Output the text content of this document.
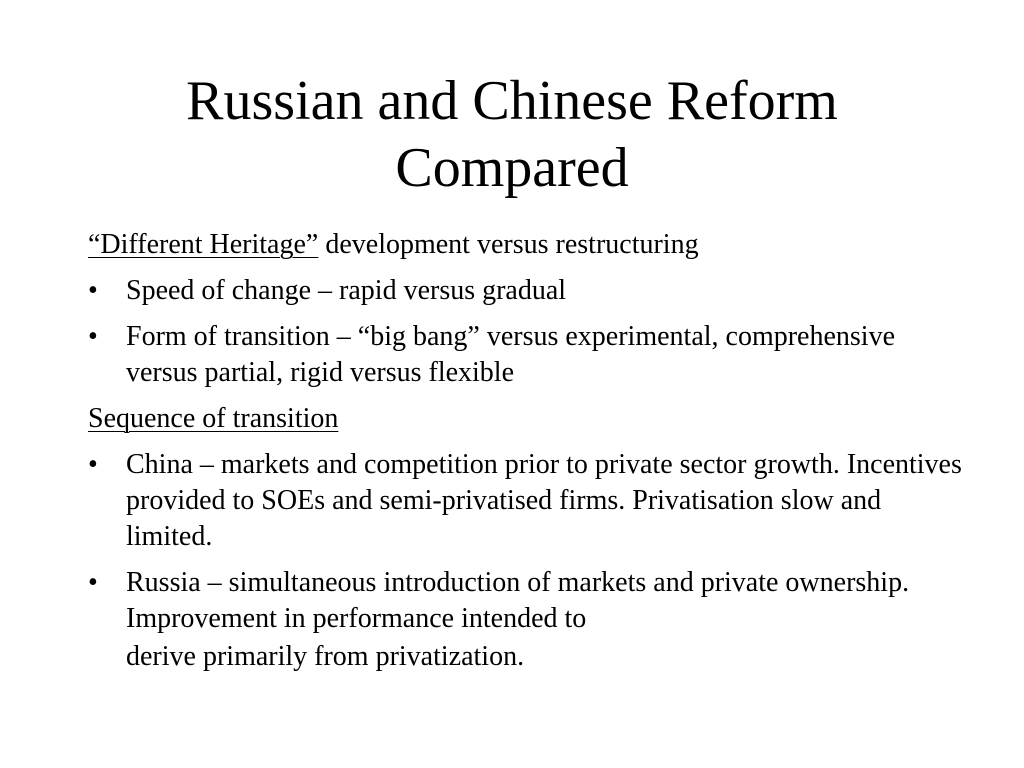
Russian and Chinese Reform
Compared

“Different Heritage” development versus restructuring

• Speed of change – rapid versus gradual
• Form of transition – “big bang” versus experimental, comprehensive versus partial, rigid versus flexible

Sequence of transition

• China – markets and competition prior to private sector growth. Incentives provided to SOEs and semi-privatised firms. Privatisation slow and limited.
• Russia – simultaneous introduction of markets and private ownership. Improvement in performance intended to
derive primarily from privatization.
